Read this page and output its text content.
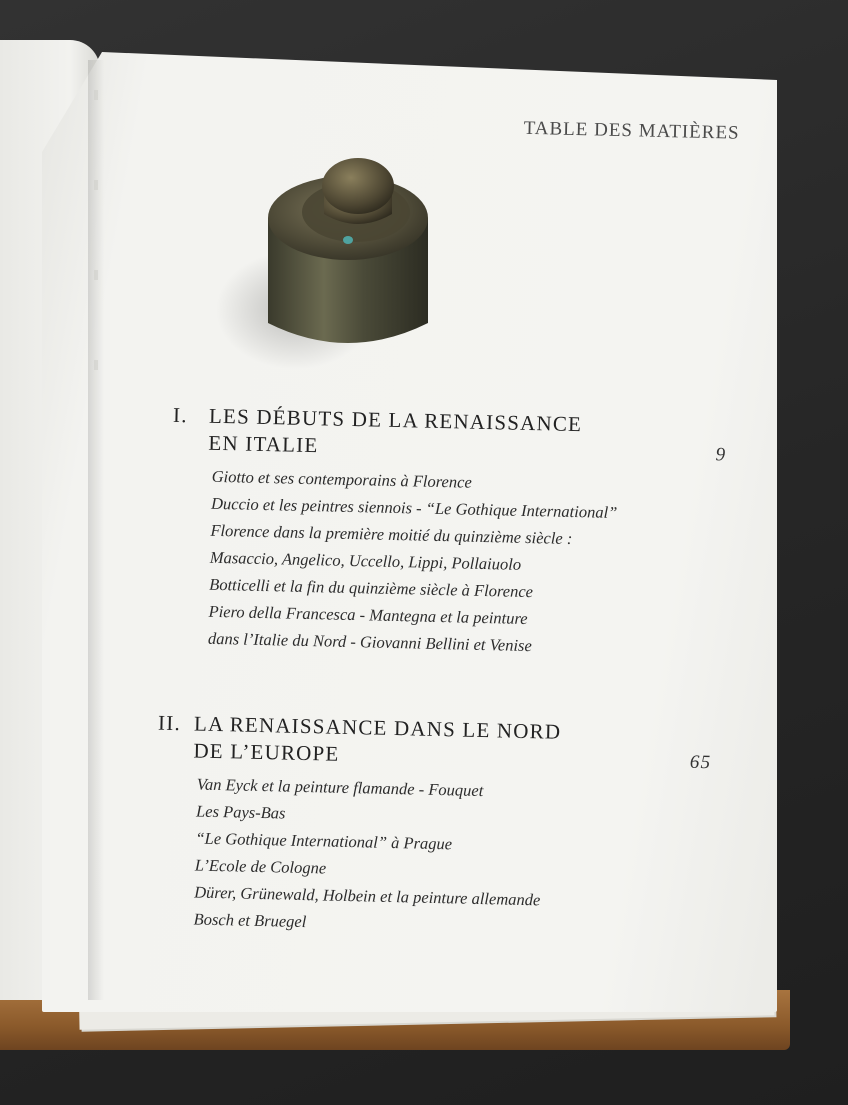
TABLE DES MATIÈRES
I. LES DÉBUTS DE LA RENAISSANCE
EN ITALIE	9
Giotto et ses contemporains à Florence
Duccio et les peintres siennois - “Le Gothique International”
Florence dans la première moitié du quinzième siècle :
Masaccio, Angelico, Uccello, Lippi, Pollaiuolo
Botticelli et la fin du quinzième siècle à Florence
Piero della Francesca - Mantegna et la peinture
dans l’Italie du Nord - Giovanni Bellini et Venise
II. LA RENAISSANCE DANS LE NORD
DE L’EUROPE	65
Van Eyck et la peinture flamande - Fouquet
Les Pays-Bas
“Le Gothique International” à Prague
L’Ecole de Cologne
Dürer, Grünewald, Holbein et la peinture allemande
Bosch et Bruegel
